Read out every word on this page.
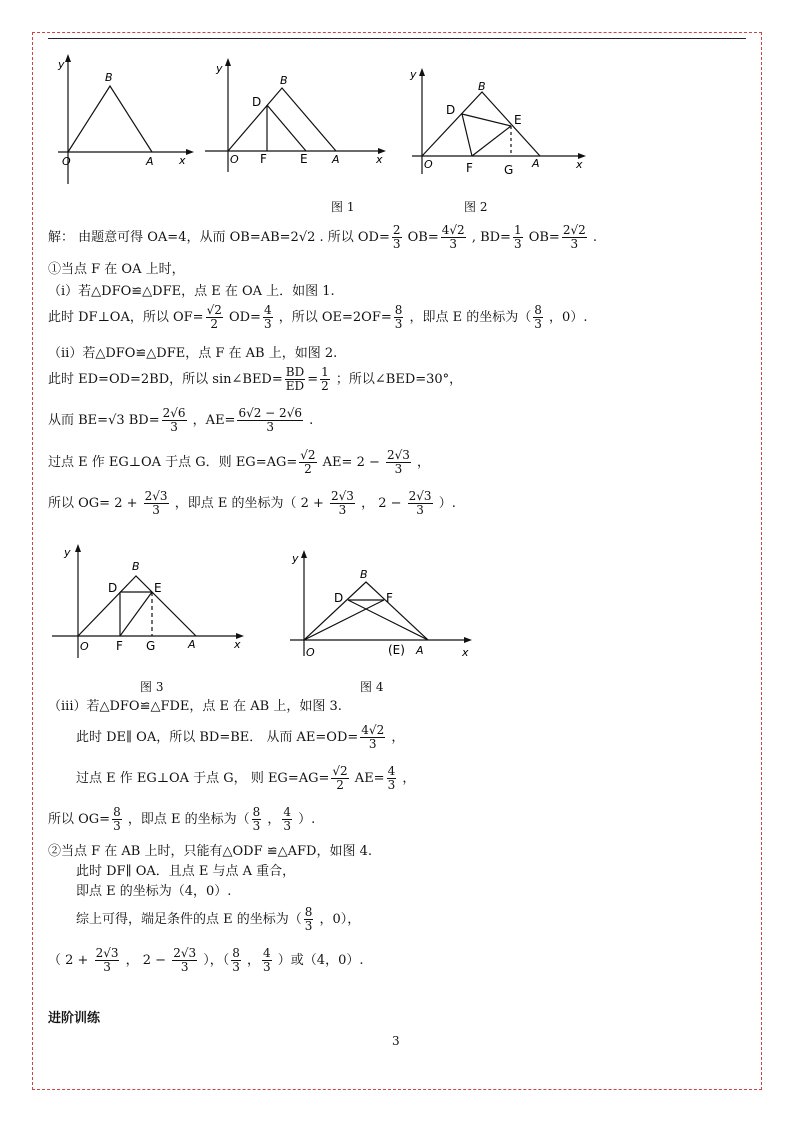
y
x
B
O	A
y
x
B
D
O F	E A
y
x
B
D
E
O	F	G A
图 1	图 2
解： 由题意可得 OA=4，从而 OB=AB=2√2 . 所以 $OD= \frac{2}{3} OB= \frac{4√2}{3}$ , $BD= \frac{1}{3} OB= \frac{2√2}{3}$ .
①当点 F 在 OA 上时，
（ⅰ）若△DFO≌△DFE，点 E 在 OA 上．如图 1.
此时 DF⊥OA，所以 $OF= \frac{√2}{2} OD= \frac{4}{3}$ ，所以 $OE=2OF= \frac{8}{3}$ ，即点 E 的坐标为（ $\frac{8}{3}$ ，0）.
（ⅱ）若△DFO≌△DFE，点 F 在 AB 上，如图 2.
此时 ED=OD=2BD，所以 sin∠BED= $\frac{BD}{ED} = \frac{1}{2}$ ；所以∠BED=30°，
从而 BE=√3 $BD= \frac{2√6}{3}$ ，$AE= \frac{6√2 - 2√6}{3}$ .
过点 E 作 EG⊥OA 于点 G．则 $EG=AG= \frac{√2}{2} AE= 2 - \frac{2√3}{3}$ ，
所以 $OG= 2 + \frac{2√3}{3}$ ，即点 E 的坐标为（ $2 + \frac{2√3}{3}$ ， $2 - \frac{2√3}{3}$ ）.
y
x
B
D	E
O F G	A
y
x
B
D	F
O	(E) A
图 3	图 4
（iii）若△DFO≌△FDE，点 E 在 AB 上，如图 3.
此时 DE∥ OA，所以 BD=BE． 从而 $AE=OD= \frac{4√2}{3}$ ，
过点 E 作 EG⊥OA 于点 G， 则 $EG=AG= \frac{√2}{2} AE= \frac{4}{3}$ ，
所以 $OG= \frac{8}{3}$ ，即点 E 的坐标为（ $\frac{8}{3}$ ， $\frac{4}{3}$ ）.
②当点 F 在 AB 上时，只能有△ODF ≌△AFD，如图 4.
此时 DF∥ OA．且点 E 与点 A 重合，
即点 E 的坐标为（4，0）.
综上可得，端足条件的点 E 的坐标为（ $\frac{8}{3}$ ，0），
（ $2 + \frac{2√3}{3}$ ， $2 - \frac{2√3}{3}$ ），（ $\frac{8}{3}$ ， $\frac{4}{3}$ ）或（4，0）.
进阶训练
3
